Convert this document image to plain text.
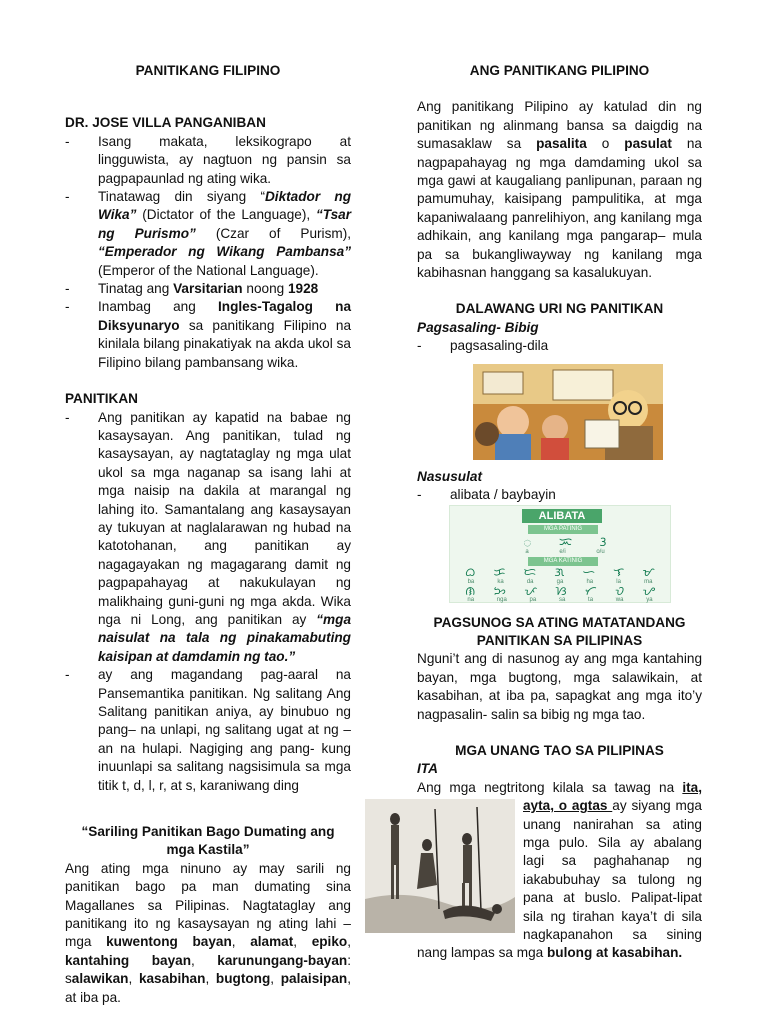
PANITIKANG FILIPINO
DR. JOSE VILLA PANGANIBAN
- Isang makata, leksikograpo at lingguwista, ay nagtuon ng pansin sa pagpapaunlad ng ating wika.
- Tinatawag din siyang “Diktador ng Wika” (Dictator of the Language), “Tsar ng Purismo” (Czar of Purism), “Emperador ng Wikang Pambansa” (Emperor of the National Language).
- Tinatag ang Varsitarian noong 1928
- Inambag ang Ingles-Tagalog na Diksyunaryo sa panitikang Filipino na kinilala bilang pinakatiyak na akda ukol sa Filipino bilang pambansang wika.
PANITIKAN
- Ang panitikan ay kapatid na babae ng kasaysayan. Ang panitikan, tulad ng kasaysayan, ay nagtataglay ng mga ulat ukol sa mga naganap sa isang lahi at mga naisip na dakila at marangal ng lahing ito. Samantalang ang kasaysayan ay tukuyan at naglalarawan ng hubad na katotohanan, ang panitikan ay nagagayakan ng magagarang damit ng pagpapahayag at nakukulayan ng malikhaing guni-guni ng mga akda. Wika nga ni Long, ang panitikan ay “mga naisulat na tala ng pinakamabuting kaisipan at damdamin ng tao.”
- ay ang magandang pag-aaral na Pansemantika panitikan. Ng salitang Ang Salitang panitikan aniya, ay binubuo ng pang– na unlapi, ng salitang ugat at ng –an na hulapi. Nagiging ang pang- kung inuunlapi sa salitang nagsisimula sa mga titik t, d, l, r, at s, karaniwang ding
“Sariling Panitikan Bago Dumating ang mga Kastila”

Ang ating mga ninuno ay may sarili ng panitikan bago pa man dumating sina Magallanes sa Pilipinas. Nagtataglay ang panitikang ito ng kasaysayan ng ating lahi – mga kuwentong bayan, alamat, epiko, kantahing bayan, karunungang-bayan: salawikan, kasabihan, bugtong, palaisipan, at iba pa.

ANG PANITIKANG PILIPINO

Ang panitikang Pilipino ay katulad din ng panitikan ng alinmang bansa sa daigdig na sumasaklaw sa pasalita o pasulat na nagpapahayag ng mga damdaming ukol sa mga gawi at kaugaliang panlipunan, paraan ng pamumuhay, kaisipang pampulitika, at mga kapaniwalaang panrelihiyon, ang kanilang mga adhikain, ang kanilang mga pangarap– mula pa sa bukangliwayway ng kanilang mga kabihasnan hanggang sa kasalukuyan.

DALAWANG URI NG PANITIKAN
Pagsasaling- Bibig
- pagsasaling-dila
Nasusulat
- alibata / baybayin
ALIBATA
MGA PATINIG
ᜀ ᜁ ᜂ
a	e/i	o/u
MGA KATINIG
ᜊ ᜃ ᜇ ᜄ ᜑ ᜎ ᜋ
ba	ka	da	ga	ha	la	ma
ᜈ ᜅ ᜉ ᜐ ᜆ ᜏ ᜌ
na	nga	pa	sa	ta	wa	ya
PAGSUNOG SA ATING MATATANDANG PANITIKAN SA PILIPINAS

Nguni’t ang di nasunog ay ang mga kantahing bayan, mga bugtong, mga salawikain, at kasabihan, at iba pa, sapagkat ang mga ito’y nagpasalin- salin sa bibig ng mga tao.

MGA UNANG TAO SA PILIPINAS
ITA

Ang mga negtritong kilala sa tawag na ita, ayta, o agtas
ay siyang mga unang nanirahan sa ating mga pulo. Sila ay abalang lagi sa paghahanap ng iakabubuhay sa tulong ng pana at buslo. Palipat-lipat sila ng tirahan kaya’t di sila nagkapanahon sa sining nang lampas sa mga bulong at kasabihan.
